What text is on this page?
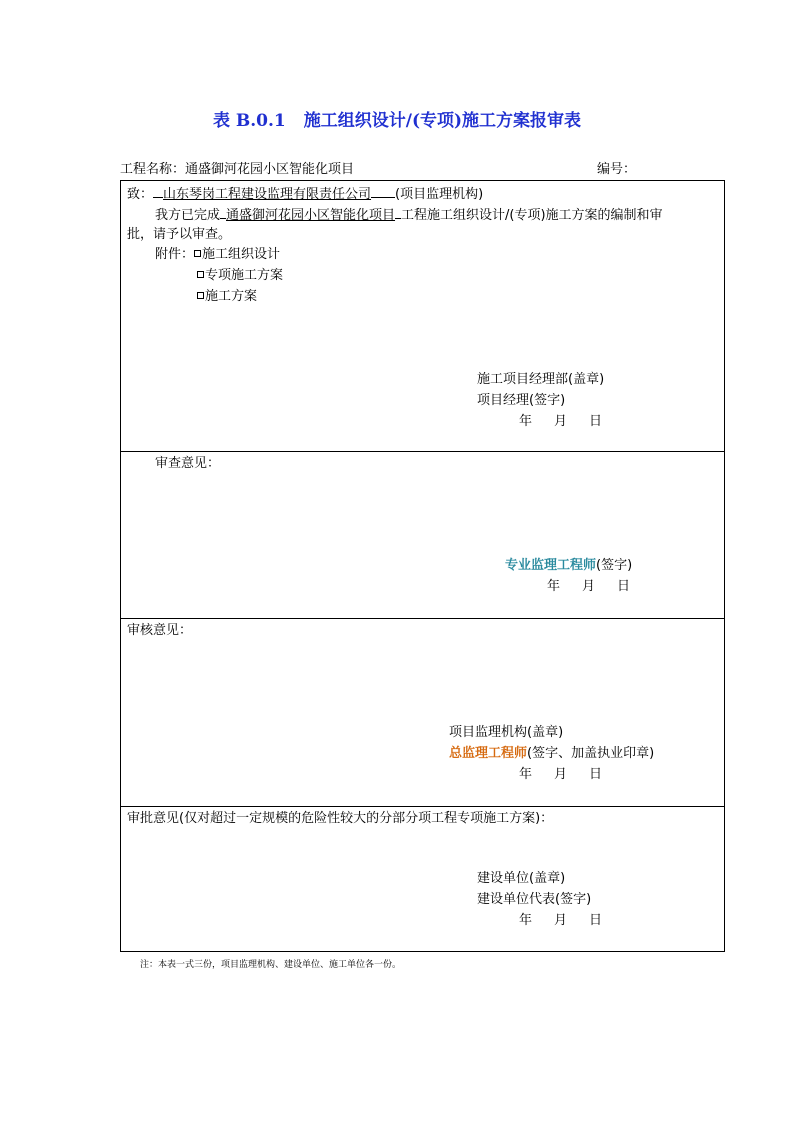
表 B.0.1 施工组织设计/(专项)施工方案报审表
工程名称：通盛御河花园小区智能化项目	编号：
致： 山东琴岗工程建设监理有限责任公司 (项目监理机构)
我方已完成 通盛御河花园小区智能化项目 工程施工组织设计/(专项)施工方案的编制和审
批，请予以审查。
附件： 施工组织设计
专项施工方案
施工方案
施工项目经理部(盖章)
项目经理(签字)
年 月 日
审查意见：
专业监理工程师(签字)
年 月 日
审核意见：
项目监理机构(盖章)
总监理工程师(签字、加盖执业印章)
年 月 日
审批意见(仅对超过一定规模的危险性较大的分部分项工程专项施工方案)：
建设单位(盖章)
建设单位代表(签字)
年 月 日
注：本表一式三份，项目监理机构、建设单位、施工单位各一份。
